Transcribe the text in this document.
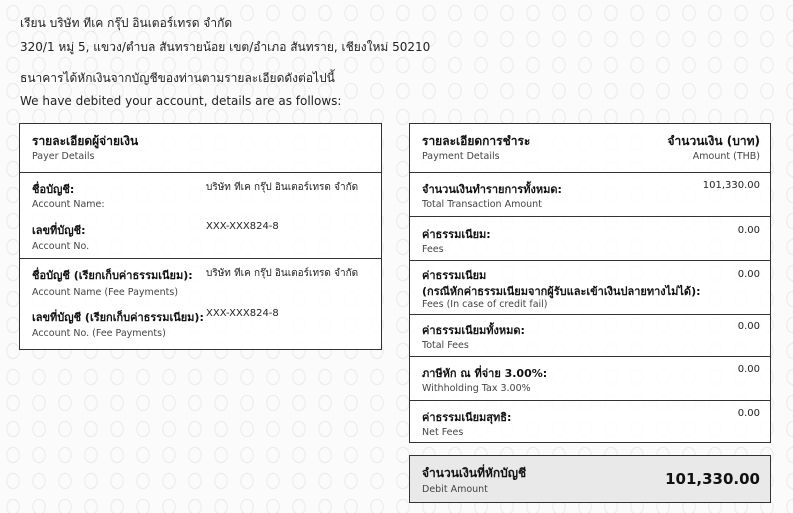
เรียน บริษัท ทีเค กรุ๊ป อินเตอร์เทรด จำกัด
320/1 หมู่ 5, แขวง/ตำบล สันทรายน้อย เขต/อำเภอ สันทราย, เชียงใหม่ 50210
ธนาคารได้หักเงินจากบัญชีของท่านตามรายละเอียดดังต่อไปนี้
We have debited your account, details are as follows:
รายละเอียดผู้จ่ายเงิน
Payer Details
ชื่อบัญชี:
Account Name:
บริษัท ทีเค กรุ๊ป อินเตอร์เทรด จำกัด
เลขที่บัญชี:
Account No.
XXX-XXX824-8
ชื่อบัญชี (เรียกเก็บค่าธรรมเนียม):
Account Name (Fee Payments)
บริษัท ทีเค กรุ๊ป อินเตอร์เทรด จำกัด
เลขที่บัญชี (เรียกเก็บค่าธรรมเนียม):
Account No. (Fee Payments)
XXX-XXX824-8
รายละเอียดการชำระ
Payment Details
จำนวนเงิน (บาท)
Amount (THB)
จำนวนเงินทำรายการทั้งหมด:
Total Transaction Amount
101,330.00
ค่าธรรมเนียม:
Fees
0.00
ค่าธรรมเนียม
(กรณีหักค่าธรรมเนียมจากผู้รับและเข้าเงินปลายทางไม่ได้):
Fees (In case of credit fail)
0.00
ค่าธรรมเนียมทั้งหมด:
Total Fees
0.00
ภาษีหัก ณ ที่จ่าย 3.00%:
Withholding Tax 3.00%
0.00
ค่าธรรมเนียมสุทธิ:
Net Fees
0.00
จำนวนเงินที่หักบัญชี
Debit Amount
101,330.00
